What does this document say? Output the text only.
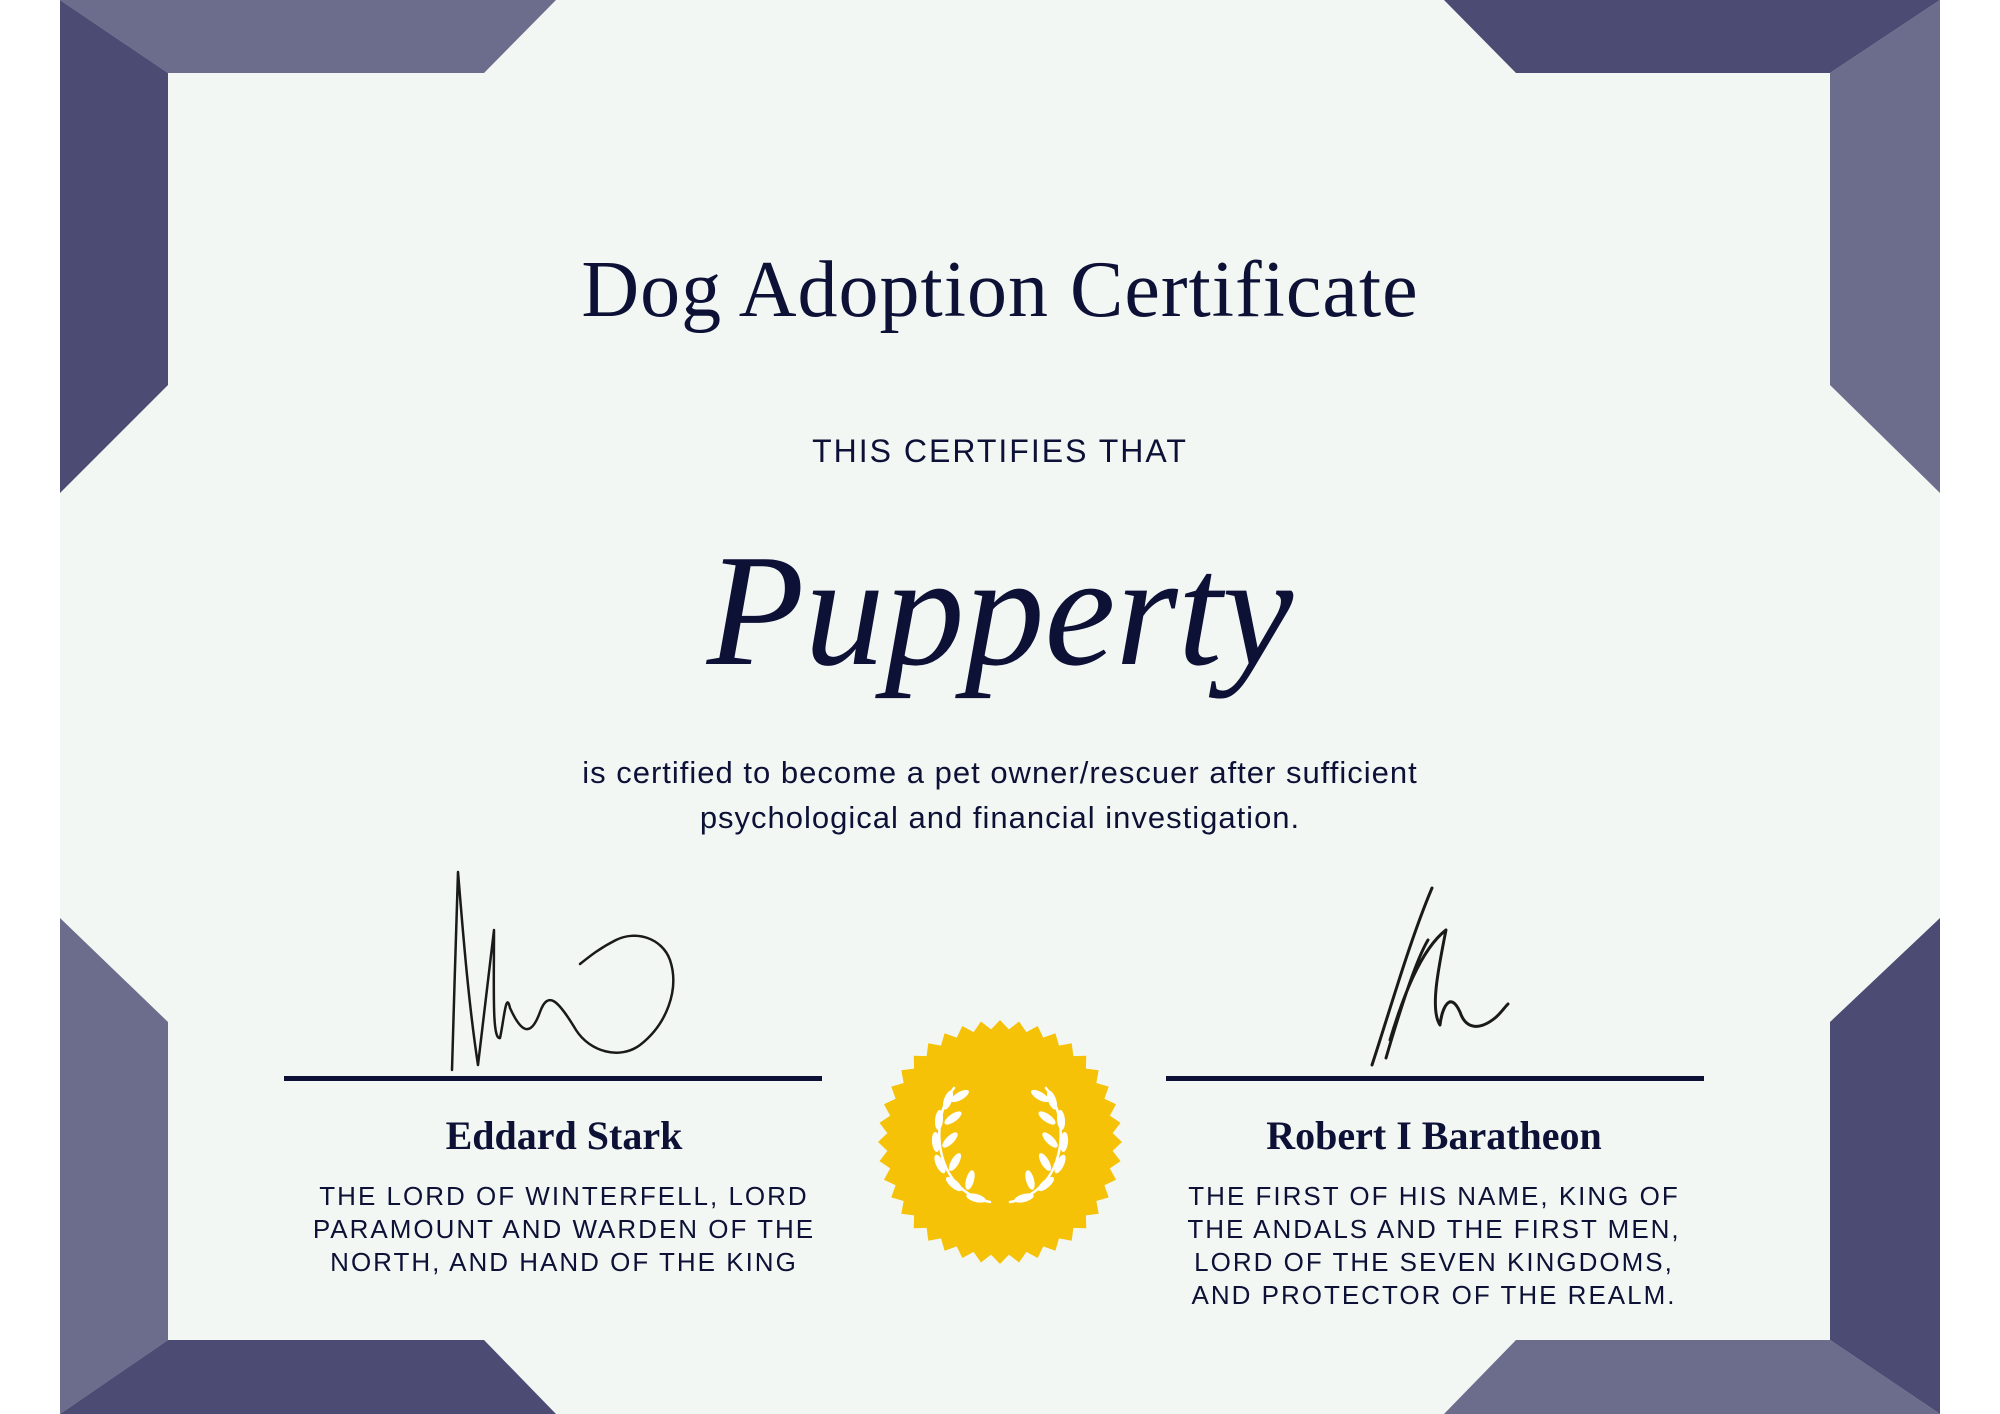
Dog Adoption Certificate
THIS CERTIFIES THAT
Pupperty
is certified to become a pet owner/rescuer after sufficient
psychological and financial investigation.
Eddard Stark
THE LORD OF WINTERFELL, LORD
PARAMOUNT AND WARDEN OF THE
NORTH, AND HAND OF THE KING
Robert I Baratheon
THE FIRST OF HIS NAME, KING OF
THE ANDALS AND THE FIRST MEN,
LORD OF THE SEVEN KINGDOMS,
AND PROTECTOR OF THE REALM.
